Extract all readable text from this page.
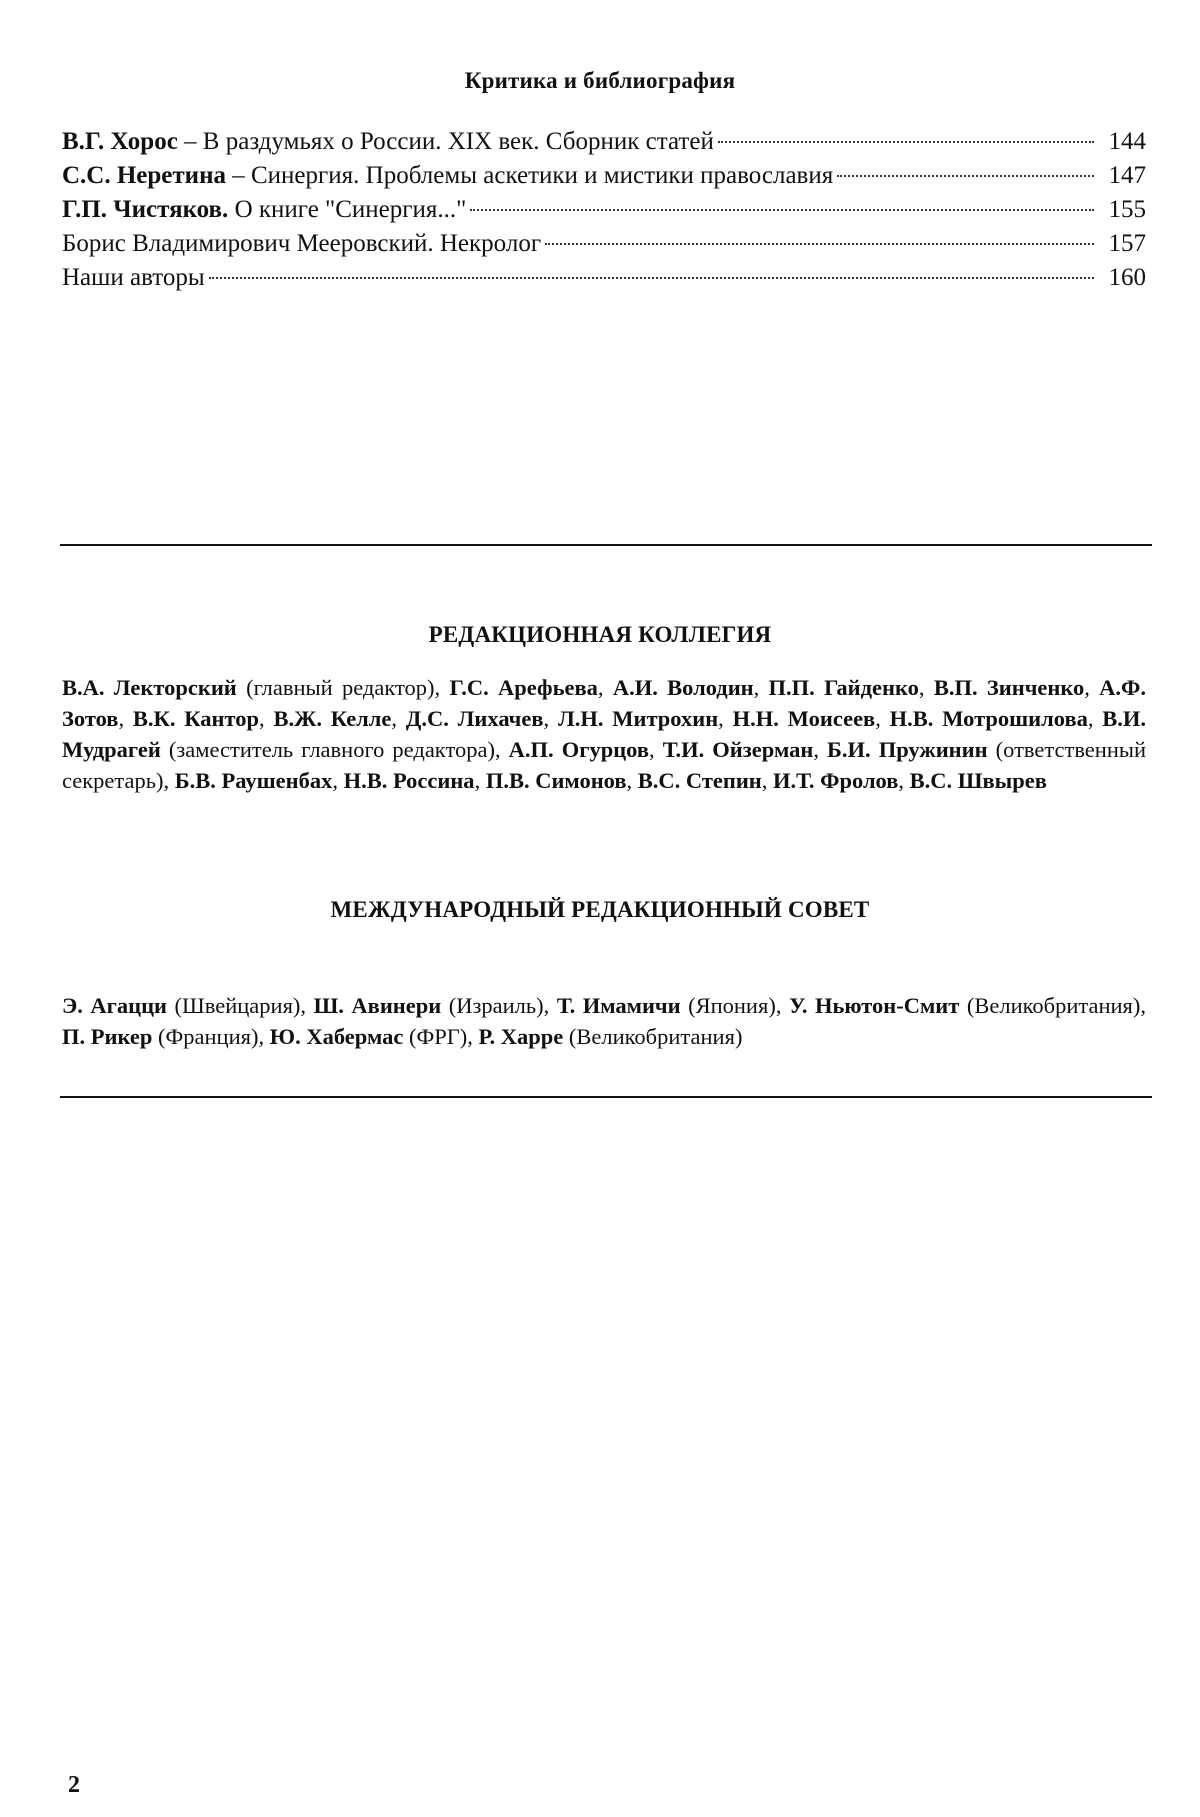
Критика и библиография
В.Г. Хорос – В раздумьях о России. XIX век. Сборник статей	144
С.С. Неретина – Синергия. Проблемы аскетики и мистики православия	147
Г.П. Чистяков. О книге "Синергия..."	155
Борис Владимирович Мееровский. Некролог	157
Наши авторы	160
РЕДАКЦИОННАЯ КОЛЛЕГИЯ

В.А. Лекторский (главный редактор), Г.С. Арефьева, А.И. Володин, П.П. Гайденко, В.П. Зинченко, А.Ф. Зотов, В.К. Кантор, В.Ж. Келле, Д.С. Лихачев, Л.Н. Митрохин, Н.Н. Моисеев, Н.В. Мотрошилова, В.И. Мудрагей (заместитель главного редактора), А.П. Огурцов, Т.И. Ойзерман, Б.И. Пружинин (ответственный секретарь), Б.В. Раушенбах, Н.В. Россина, П.В. Симонов, В.С. Степин, И.Т. Фролов, В.С. Швырев

МЕЖДУНАРОДНЫЙ РЕДАКЦИОННЫЙ СОВЕТ

Э. Агацци (Швейцария), Ш. Авинери (Израиль), Т. Имамичи (Япония), У. Ньютон-Смит (Великобритания), П. Рикер (Франция), Ю. Хабермас (ФРГ), Р. Харре (Великобритания)

2
